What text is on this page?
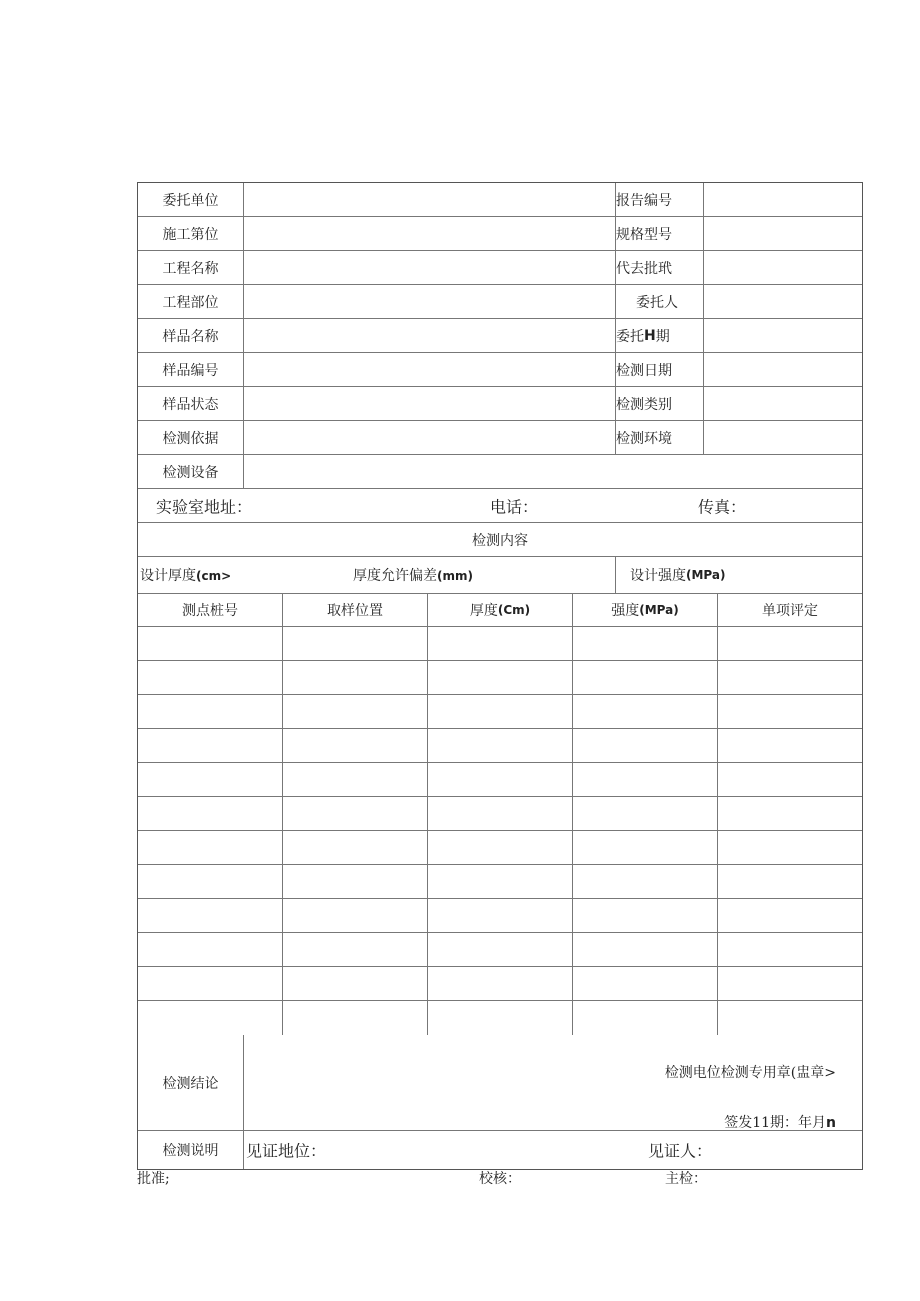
委托单位	报告编号
施工第位	规格型号
工程名称	代去批玳
工程部位	委托人
样品名称	委托 H 期
样品编号	检测日期
样品状态	检测类别
检测依据	检测环境
检测设备
实验室地址：	电话：	传真：
检测内容
设计厚度(cm>	厚度允许偏差(mm)	设计强度 (MPa)
测点桩号	取样位置	厚度 (Cm)	强度 (MPa)	单项评定
检测结论
检测电位检测专用章(盅章>
签发11期：年月n
检测说明	见证地位：	见证人：
批准;	校核：	主检：
